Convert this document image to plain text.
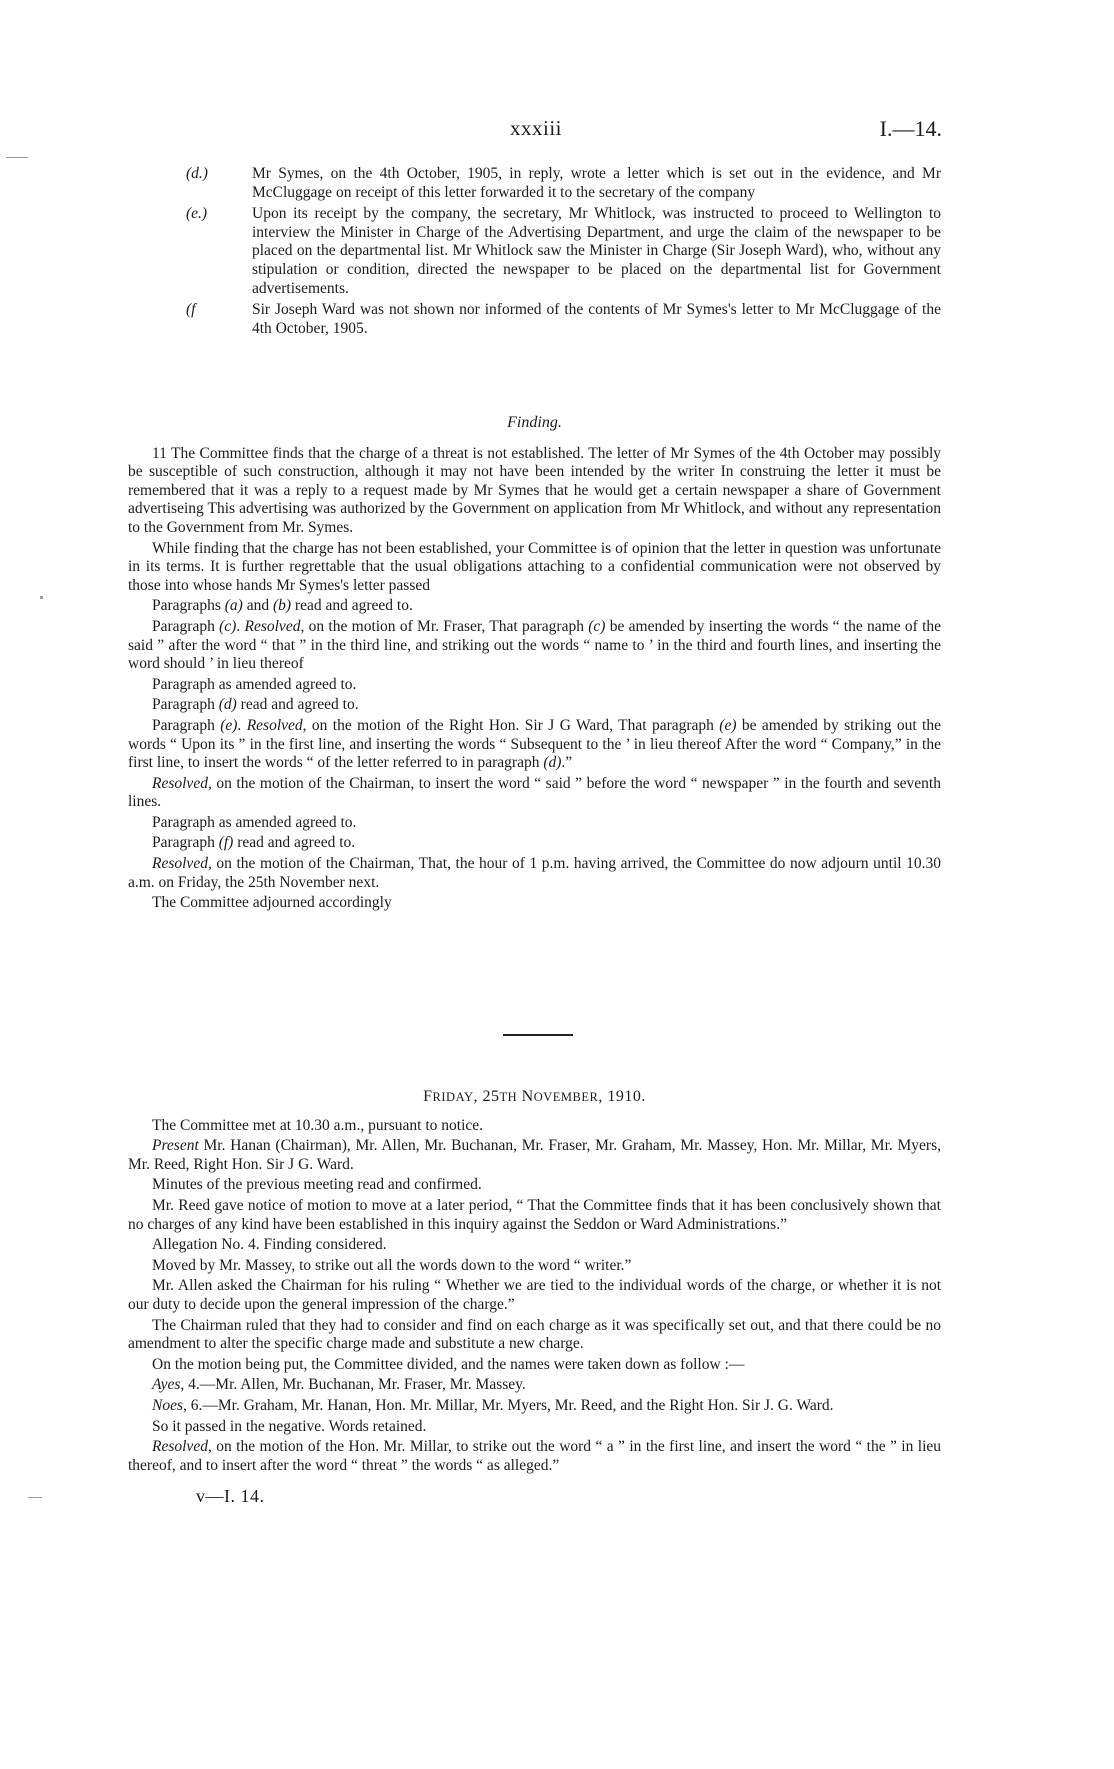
xxxiii	I.—14.
(d.)	Mr Symes, on the 4th October, 1905, in reply, wrote a letter which is set out in the evidence, and Mr McCluggage on receipt of this letter forwarded it to the secretary of the company
(e.)	Upon its receipt by the company, the secretary, Mr Whitlock, was instructed to proceed to Wellington to interview the Minister in Charge of the Advertising Department, and urge the claim of the newspaper to be placed on the departmental list. Mr Whitlock saw the Minister in Charge (Sir Joseph Ward), who, without any stipulation or condition, directed the newspaper to be placed on the departmental list for Government advertisements.
(f	Sir Joseph Ward was not shown nor informed of the contents of Mr Symes's letter to Mr McCluggage of the 4th October, 1905.

Finding.

11 The Committee finds that the charge of a threat is not established. The letter of Mr Symes of the 4th October may possibly be susceptible of such construction, although it may not have been intended by the writer In construing the letter it must be remembered that it was a reply to a request made by Mr Symes that he would get a certain newspaper a share of Government advertiseing This advertising was authorized by the Government on application from Mr Whitlock, and without any representation to the Government from Mr. Symes.

While finding that the charge has not been established, your Committee is of opinion that the letter in question was unfortunate in its terms. It is further regrettable that the usual obligations attaching to a confidential communication were not observed by those into whose hands Mr Symes's letter passed

Paragraphs (a) and (b) read and agreed to.

Paragraph (c). Resolved, on the motion of Mr. Fraser, That paragraph (c) be amended by inserting the words “ the name of the said ” after the word “ that ” in the third line, and striking out the words “ name to ’ in the third and fourth lines, and inserting the word should ’ in lieu thereof

Paragraph as amended agreed to.

Paragraph (d) read and agreed to.

Paragraph (e). Resolved, on the motion of the Right Hon. Sir J G Ward, That paragraph (e) be amended by striking out the words “ Upon its ” in the first line, and inserting the words “ Subsequent to the ’ in lieu thereof After the word “ Company,” in the first line, to insert the words “ of the letter referred to in paragraph (d).”

Resolved, on the motion of the Chairman, to insert the word “ said ” before the word “ newspaper ” in the fourth and seventh lines.

Paragraph as amended agreed to.

Paragraph (f) read and agreed to.

Resolved, on the motion of the Chairman, That, the hour of 1 p.m. having arrived, the Committee do now adjourn until 10.30 a.m. on Friday, the 25th November next.

The Committee adjourned accordingly

FRIDAY, 25TH NOVEMBER, 1910.

The Committee met at 10.30 a.m., pursuant to notice.

Present Mr. Hanan (Chairman), Mr. Allen, Mr. Buchanan, Mr. Fraser, Mr. Graham, Mr. Massey, Hon. Mr. Millar, Mr. Myers, Mr. Reed, Right Hon. Sir J G. Ward.

Minutes of the previous meeting read and confirmed.

Mr. Reed gave notice of motion to move at a later period, “ That the Committee finds that it has been conclusively shown that no charges of any kind have been established in this inquiry against the Seddon or Ward Administrations.”

Allegation No. 4. Finding considered.

Moved by Mr. Massey, to strike out all the words down to the word “ writer.”

Mr. Allen asked the Chairman for his ruling “ Whether we are tied to the individual words of the charge, or whether it is not our duty to decide upon the general impression of the charge.”

The Chairman ruled that they had to consider and find on each charge as it was specifically set out, and that there could be no amendment to alter the specific charge made and substitute a new charge.

On the motion being put, the Committee divided, and the names were taken down as follow :—

Ayes, 4.—Mr. Allen, Mr. Buchanan, Mr. Fraser, Mr. Massey.

Noes, 6.—Mr. Graham, Mr. Hanan, Hon. Mr. Millar, Mr. Myers, Mr. Reed, and the Right Hon. Sir J. G. Ward.

So it passed in the negative. Words retained.

Resolved, on the motion of the Hon. Mr. Millar, to strike out the word “ a ” in the first line, and insert the word “ the ” in lieu thereof, and to insert after the word “ threat ” the words “ as alleged.”

v—I. 14.
